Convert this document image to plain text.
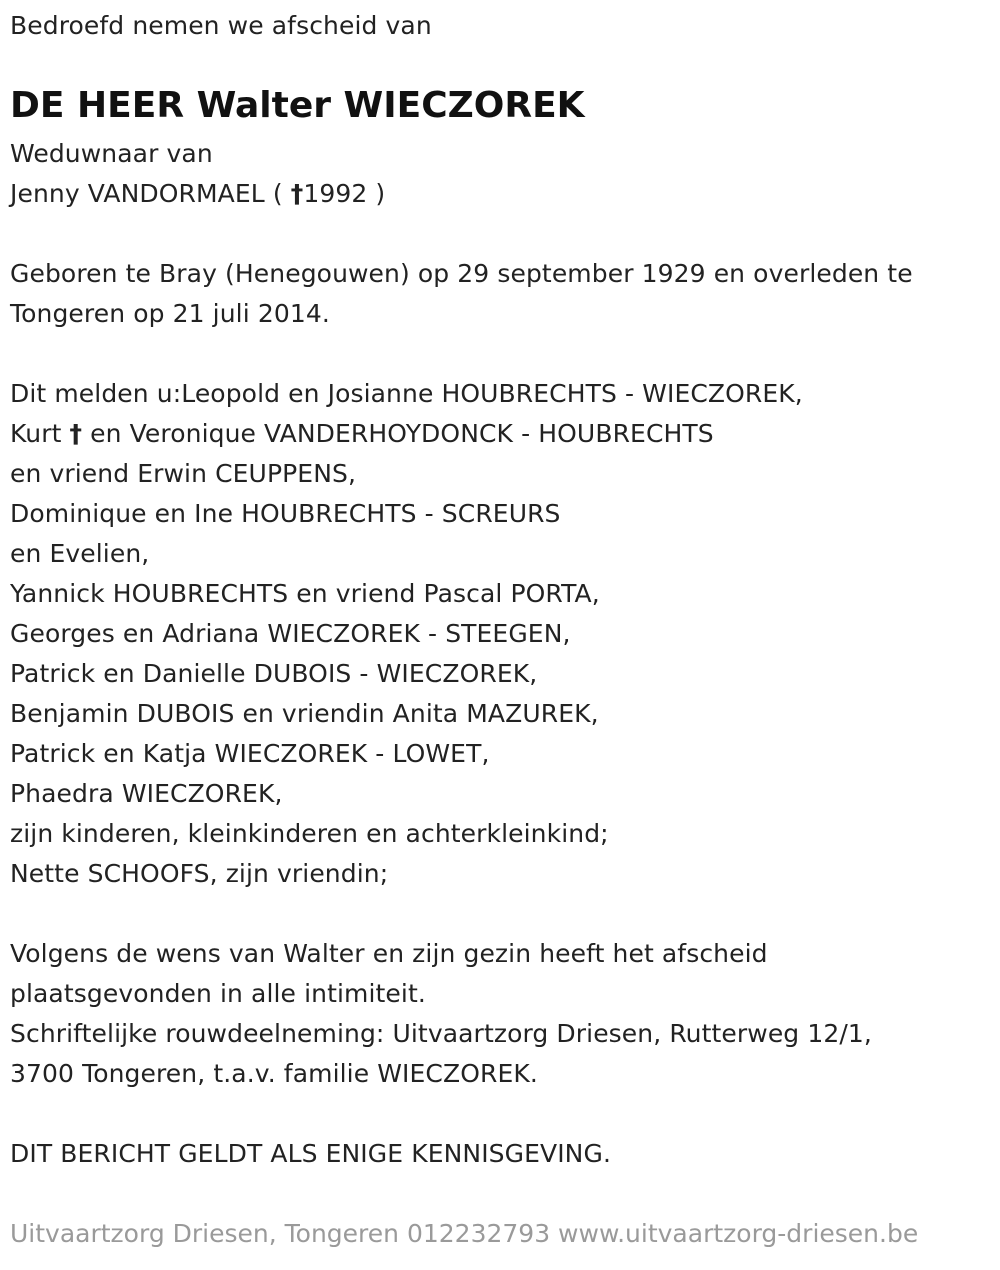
Bedroefd nemen we afscheid van
DE HEER Walter WIECZOREK
Weduwnaar van
Jenny VANDORMAEL ( †1992 )
Geboren te Bray (Henegouwen) op 29 september 1929 en overleden te
Tongeren op 21 juli 2014.
Dit melden u:Leopold en Josianne HOUBRECHTS - WIECZOREK,
Kurt † en Veronique VANDERHOYDONCK - HOUBRECHTS
en vriend Erwin CEUPPENS,
Dominique en Ine HOUBRECHTS - SCREURS
en Evelien,
Yannick HOUBRECHTS en vriend Pascal PORTA,
Georges en Adriana WIECZOREK - STEEGEN,
Patrick en Danielle DUBOIS - WIECZOREK,
Benjamin DUBOIS en vriendin Anita MAZUREK,
Patrick en Katja WIECZOREK - LOWET,
Phaedra WIECZOREK,
zijn kinderen, kleinkinderen en achterkleinkind;
Nette SCHOOFS, zijn vriendin;
Volgens de wens van Walter en zijn gezin heeft het afscheid
plaatsgevonden in alle intimiteit.
Schriftelijke rouwdeelneming: Uitvaartzorg Driesen, Rutterweg 12/1,
3700 Tongeren, t.a.v. familie WIECZOREK.
DIT BERICHT GELDT ALS ENIGE KENNISGEVING.
Uitvaartzorg Driesen, Tongeren 012232793 www.uitvaartzorg-driesen.be
